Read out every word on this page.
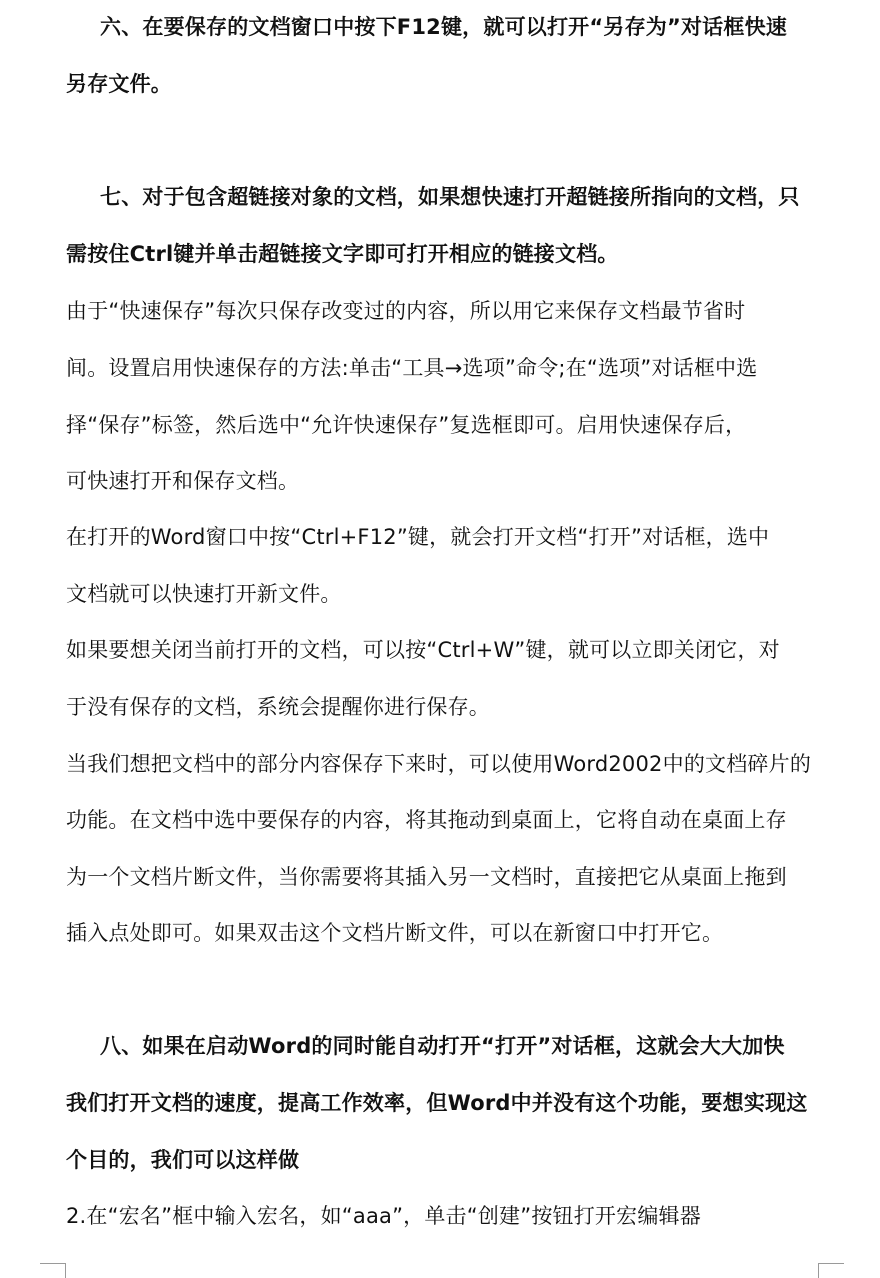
六、在要保存的文档窗口中按下F12键，就可以打开“另存为”对话框快速
另存文件。
七、对于包含超链接对象的文档，如果想快速打开超链接所指向的文档，只
需按住Ctrl键并单击超链接文字即可打开相应的链接文档。
由于“快速保存”每次只保存改变过的内容，所以用它来保存文档最节省时
间。设置启用快速保存的方法:单击“工具→选项”命令;在“选项”对话框中选
择“保存”标签，然后选中“允许快速保存”复选框即可。启用快速保存后，
可快速打开和保存文档。
在打开的Word窗口中按“Ctrl+F12”键，就会打开文档“打开”对话框，选中
文档就可以快速打开新文件。
如果要想关闭当前打开的文档，可以按“Ctrl+W”键，就可以立即关闭它，对
于没有保存的文档，系统会提醒你进行保存。
当我们想把文档中的部分内容保存下来时，可以使用Word2002中的文档碎片的
功能。在文档中选中要保存的内容，将其拖动到桌面上，它将自动在桌面上存
为一个文档片断文件，当你需要将其插入另一文档时，直接把它从桌面上拖到
插入点处即可。如果双击这个文档片断文件，可以在新窗口中打开它。
八、如果在启动Word的同时能自动打开“打开”对话框，这就会大大加快
我们打开文档的速度，提高工作效率，但Word中并没有这个功能，要想实现这
个目的，我们可以这样做
2.在“宏名”框中输入宏名，如“aaa”，单击“创建”按钮打开宏编辑器
